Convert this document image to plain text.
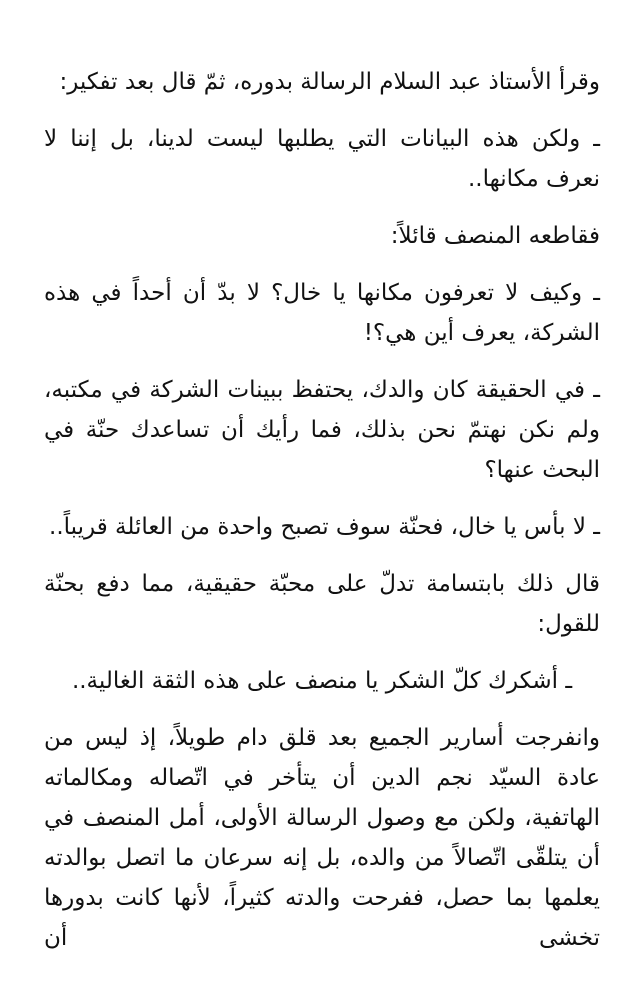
وقرأ الأستاذ عبد السلام الرسالة بدوره، ثمّ قال بعد تفكير:

ـ ولكن هذه البيانات التي يطلبها ليست لدينا، بل إننا لا نعرف مكانها..

فقاطعه المنصف قائلاً:

ـ وكيف لا تعرفون مكانها يا خال؟ لا بدّ أن أحداً في هذه الشركة، يعرف أين هي؟!

ـ في الحقيقة كان والدك، يحتفظ ببينات الشركة في مكتبه، ولم نكن نهتمّ نحن بذلك، فما رأيك أن تساعدك حنّة في البحث عنها؟

ـ لا بأس يا خال، فحنّة سوف تصبح واحدة من العائلة قريباً..

قال ذلك بابتسامة تدلّ على محبّة حقيقية، مما دفع بحنّة للقول:

ـ أشكرك كلّ الشكر يا منصف على هذه الثقة الغالية..

وانفرجت أسارير الجميع بعد قلق دام طويلاً، إذ ليس من عادة السيّد نجم الدين أن يتأخر في اتّصاله ومكالماته الهاتفية، ولكن مع وصول الرسالة الأولى، أمل المنصف في أن يتلقّى اتّصالاً من والده، بل إنه سرعان ما اتصل بوالدته يعلمها بما حصل، ففرحت والدته كثيراً، لأنها كانت بدورها تخشى أن
